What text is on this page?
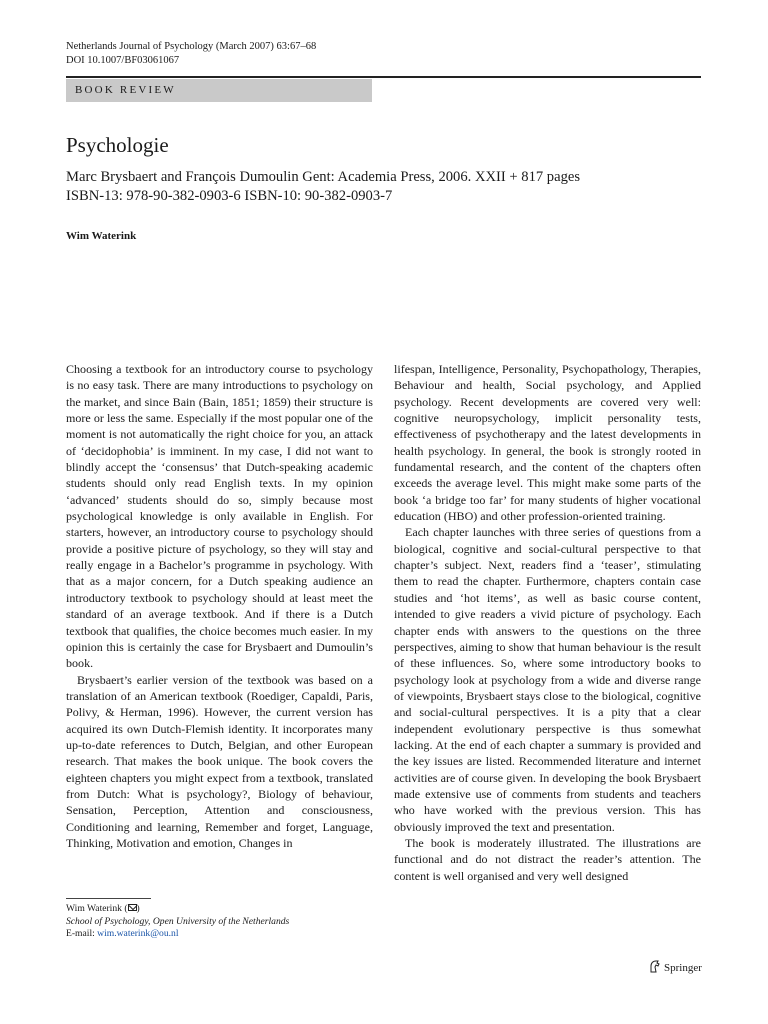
Netherlands Journal of Psychology (March 2007) 63:67–68
DOI 10.1007/BF03061067
BOOK REVIEW
Psychologie
Marc Brysbaert and François Dumoulin Gent: Academia Press, 2006. XXII + 817 pages
ISBN-13: 978-90-382-0903-6 ISBN-10: 90-382-0903-7
Wim Waterink

Choosing a textbook for an introductory course to psychology is no easy task. There are many introductions to psychology on the market, and since Bain (Bain, 1851; 1859) their structure is more or less the same. Especially if the most popular one of the moment is not automatically the right choice for you, an attack of ‘decidophobia’ is imminent. In my case, I did not want to blindly accept the ‘consensus’ that Dutch-speaking academic students should only read English texts. In my opinion ‘advanced’ students should do so, simply because most psychological knowledge is only available in English. For starters, however, an introductory course to psychology should provide a positive picture of psychology, so they will stay and really engage in a Bachelor’s programme in psychology. With that as a major concern, for a Dutch speaking audience an introductory textbook to psychology should at least meet the standard of an average textbook. And if there is a Dutch textbook that qualifies, the choice becomes much easier. In my opinion this is certainly the case for Brysbaert and Dumoulin’s book.

Brysbaert’s earlier version of the textbook was based on a translation of an American textbook (Roediger, Capaldi, Paris, Polivy, & Herman, 1996). However, the current version has acquired its own Dutch-Flemish identity. It incorporates many up-to-date references to Dutch, Belgian, and other European research. That makes the book unique. The book covers the eighteen chapters you might expect from a textbook, translated from Dutch: What is psychology?, Biology of behaviour, Sensation, Perception, Attention and consciousness, Conditioning and learning, Remember and forget, Language, Thinking, Motivation and emotion, Changes in

lifespan, Intelligence, Personality, Psychopathology, Therapies, Behaviour and health, Social psychology, and Applied psychology. Recent developments are covered very well: cognitive neuropsychology, implicit personality tests, effectiveness of psychotherapy and the latest developments in health psychology. In general, the book is strongly rooted in fundamental research, and the content of the chapters often exceeds the average level. This might make some parts of the book ‘a bridge too far’ for many students of higher vocational education (HBO) and other profession-oriented training.

Each chapter launches with three series of questions from a biological, cognitive and social-cultural perspective to that chapter’s subject. Next, readers find a ‘teaser’, stimulating them to read the chapter. Furthermore, chapters contain case studies and ‘hot items’, as well as basic course content, intended to give readers a vivid picture of psychology. Each chapter ends with answers to the questions on the three perspectives, aiming to show that human behaviour is the result of these influences. So, where some introductory books to psychology look at psychology from a wide and diverse range of viewpoints, Brysbaert stays close to the biological, cognitive and social-cultural perspectives. It is a pity that a clear independent evolutionary perspective is thus somewhat lacking. At the end of each chapter a summary is provided and the key issues are listed. Recommended literature and internet activities are of course given. In developing the book Brysbaert made extensive use of comments from students and teachers who have worked with the previous version. This has obviously improved the text and presentation.

The book is moderately illustrated. The illustrations are functional and do not distract the reader’s attention. The content is well organised and very well designed

Wim Waterink ( )
School of Psychology, Open University of the Netherlands
E-mail: wim.waterink@ou.nl
Springer
